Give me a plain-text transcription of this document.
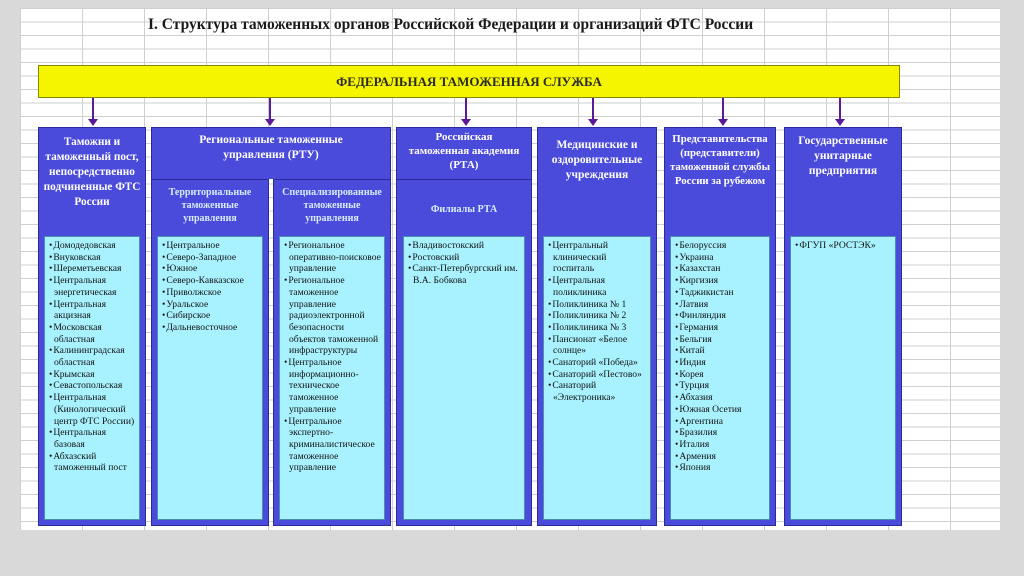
I. Структура таможенных органов Российской Федерации и организаций ФТС России
ФЕДЕРАЛЬНАЯ ТАМОЖЕННАЯ СЛУЖБА
Таможни и таможенный пост, непосредственно подчиненные ФТС России
• Домодедовская
• Внуковская
• Шереметьевская
• Центральная энергетическая
• Центральная акцизная
• Московская областная
• Калининградская областная
• Крымская
• Севастопольская
• Центральная (Кинологический центр ФТС России)
• Центральная базовая
• Абхазский таможенный пост
Региональные таможенные управления (РТУ)
Территориальные таможенные управления
• Центральное
• Северо-Западное
• Южное
• Северо-Кавказское
• Приволжское
• Уральское
• Сибирское
• Дальневосточное
Специализированные таможенные управления
• Региональное оперативно-поисковое управление
• Региональное таможенное управление радиоэлектронной безопасности объектов таможенной инфраструктуры
• Центральное информационно-техническое таможенное управление
• Центральное экспертно-криминалистическое таможенное управление
Российская таможенная академия (РТА)
Филиалы РТА
• Владивостокский
• Ростовский
• Санкт-Петербургский им. В.А. Бобкова
Медицинские и оздоровительные учреждения
• Центральный клинический госпиталь
• Центральная поликлиника
• Поликлиника № 1
• Поликлиника № 2
• Поликлиника № 3
• Пансионат «Белое солнце»
• Санаторий «Победа»
• Санаторий «Пестово»
• Санаторий «Электроника»
Представительства (представители) таможенной службы России за рубежом
• Белоруссия
• Украина
• Казахстан
• Киргизия
• Таджикистан
• Латвия
• Финляндия
• Германия
• Бельгия
• Китай
• Индия
• Корея
• Турция
• Абхазия
• Южная Осетия
• Аргентина
• Бразилия
• Италия
• Армения
• Япония
Государственные унитарные предприятия
• ФГУП «РОСТЭК»
